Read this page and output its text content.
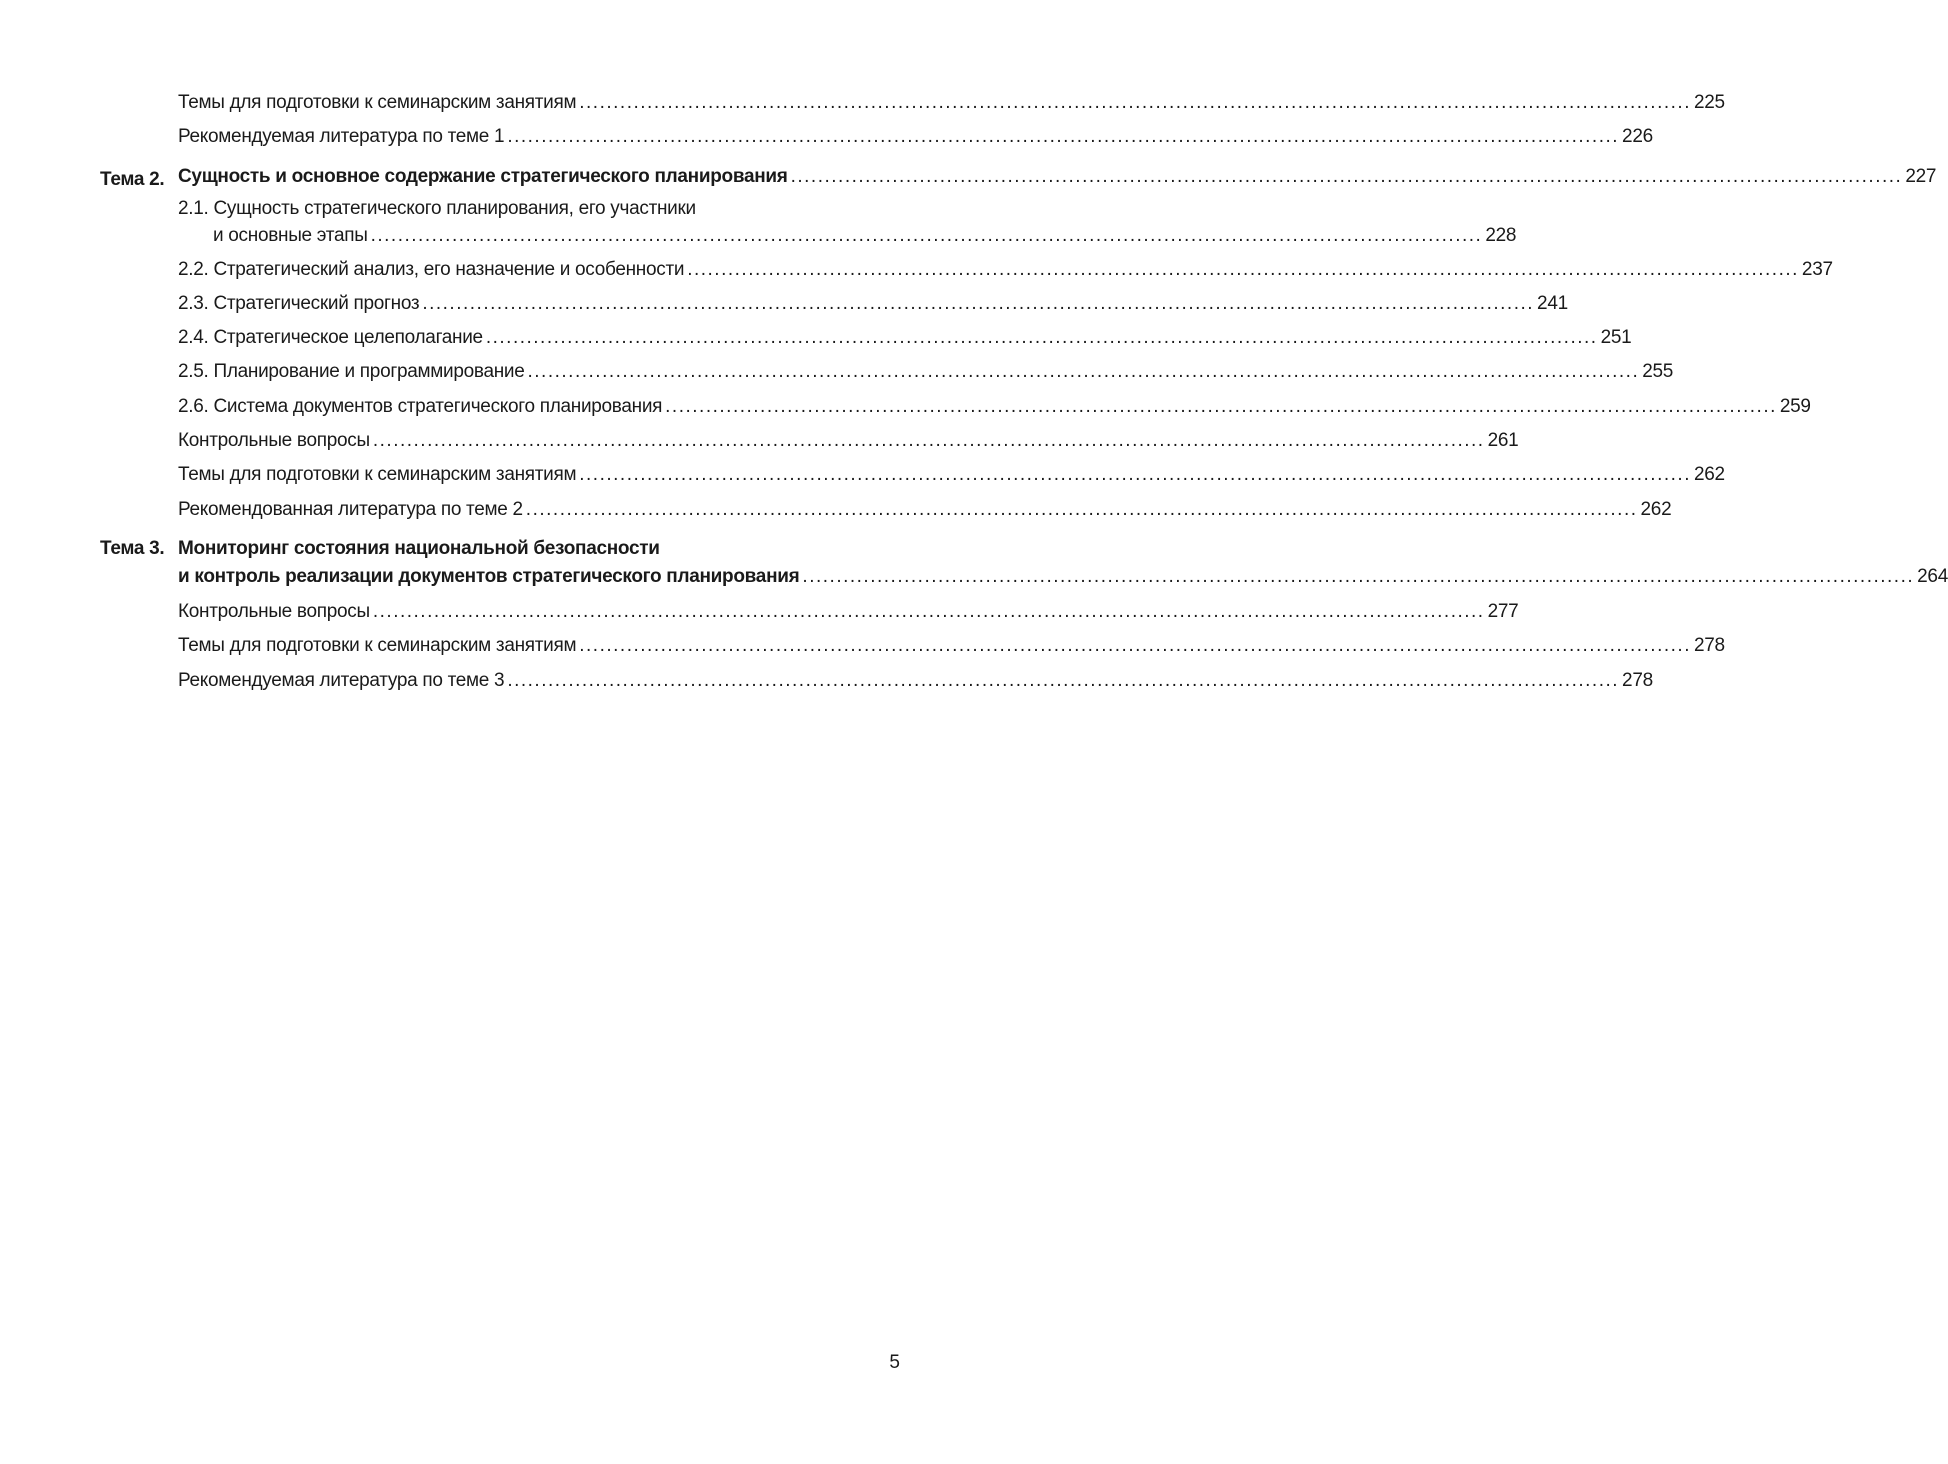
Темы для подготовки к семинарским занятиям .................................................................................................................................................................... 225
Рекомендуемая литература по теме 1 .................................................................................................................................................................... 226
Тема 2. Сущность и основное содержание стратегического планирования .................................................................................................................................................................... 227
2.1. Сущность стратегического планирования, его участники
и основные этапы .................................................................................................................................................................... 228
2.2. Стратегический анализ, его назначение и особенности .................................................................................................................................................................... 237
2.3. Стратегический прогноз .................................................................................................................................................................... 241
2.4. Стратегическое целеполагание .................................................................................................................................................................... 251
2.5. Планирование и программирование .................................................................................................................................................................... 255
2.6. Система документов стратегического планирования .................................................................................................................................................................... 259
Контрольные вопросы .................................................................................................................................................................... 261
Темы для подготовки к семинарским занятиям .................................................................................................................................................................... 262
Рекомендованная литература по теме 2 .................................................................................................................................................................... 262
Тема 3. Мониторинг состояния национальной безопасности
и контроль реализации документов стратегического планирования .................................................................................................................................................................... 264
Контрольные вопросы .................................................................................................................................................................... 277
Темы для подготовки к семинарским занятиям .................................................................................................................................................................... 278
Рекомендуемая литература по теме 3 .................................................................................................................................................................... 278
5
